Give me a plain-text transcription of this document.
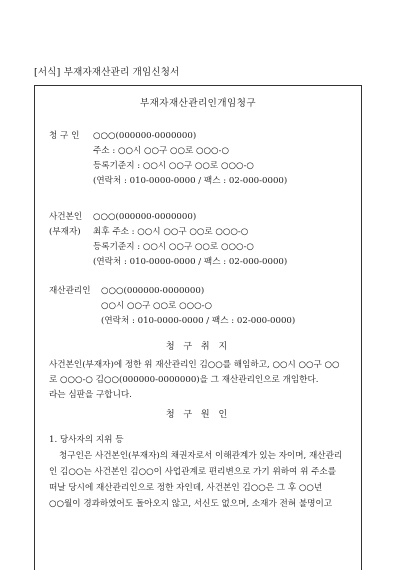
[서식] 부재자재산관리 개임신청서
부재자재산관리인개임청구
청 구 인 ○○○(000000-0000000)
주소 : ○○시 ○○구 ○○로 ○○○-○
등록기준지 : ○○시 ○○구 ○○로 ○○○-○
(연락처 : 010-0000-0000 / 팩스 : 02-000-0000)
사건본인 ○○○(000000-0000000)
(부재자) 최후 주소 : ○○시 ○○구 ○○로 ○○○-○
등록기준지 : ○○시 ○○구 ○○로 ○○○-○
(연락처 : 010-0000-0000 / 팩스 : 02-000-0000)
재산관리인 ○○○(000000-0000000)
○○시 ○○구 ○○로 ○○○-○
(연락처 : 010-0000-0000 / 팩스 : 02-000-0000)
청 구 취 지
사건본인(부재자)에 정한 위 재산관리인 김○○를 해임하고, ○○시 ○○구 ○○
로 ○○○-○ 김○○(000000-0000000)을 그 재산관리인으로 개임한다.
라는 심판을 구합니다.
청 구 원 인
1. 당사자의 지위 등
청구인은 사건본인(부재자)의 채권자로서 이해관계가 있는 자이며, 재산관리
인 김○○는 사건본인 김○○이 사업관계로 편리변으로 가기 위하여 위 주소를
떠날 당시에 재산관리인으로 정한 자인데, 사건본인 김○○은 그 후 ○○년
○○월이 경과하였어도 돌아오지 않고, 서신도 없으며, 소재가 전혀 불명이고
